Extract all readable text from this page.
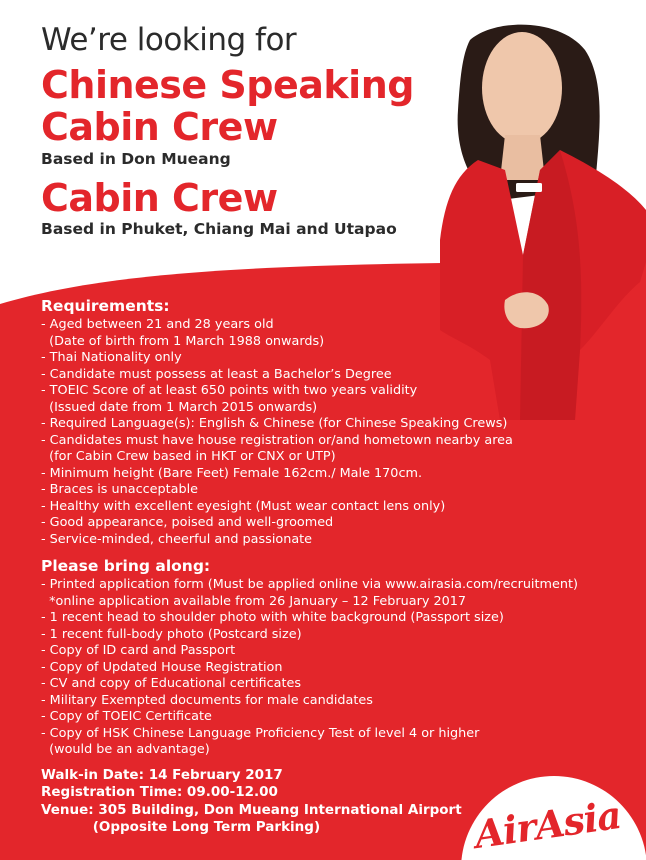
We’re looking for
Chinese Speaking
Cabin Crew
Based in Don Mueang
Cabin Crew
Based in Phuket, Chiang Mai and Utapao
Requirements:
- Aged between 21 and 28 years old
(Date of birth from 1 March 1988 onwards)
- Thai Nationality only
- Candidate must possess at least a Bachelor’s Degree
- TOEIC Score of at least 650 points with two years validity
(Issued date from 1 March 2015 onwards)
- Required Language(s): English & Chinese (for Chinese Speaking Crews)
- Candidates must have house registration or/and hometown nearby area
(for Cabin Crew based in HKT or CNX or UTP)
- Minimum height (Bare Feet) Female 162cm./ Male 170cm.
- Braces is unacceptable
- Healthy with excellent eyesight (Must wear contact lens only)
- Good appearance, poised and well-groomed
- Service-minded, cheerful and passionate
Please bring along:
- Printed application form (Must be applied online via www.airasia.com/recruitment)
*online application available from 26 January – 12 February 2017
- 1 recent head to shoulder photo with white background (Passport size)
- 1 recent full-body photo (Postcard size)
- Copy of ID card and Passport
- Copy of Updated House Registration
- CV and copy of Educational certificates
- Military Exempted documents for male candidates
- Copy of TOEIC Certificate
- Copy of HSK Chinese Language Proficiency Test of level 4 or higher
(would be an advantage)
Walk-in Date: 14 February 2017
Registration Time: 09.00-12.00
Venue: 305 Building, Don Mueang International Airport
(Opposite Long Term Parking)	AirAsia
